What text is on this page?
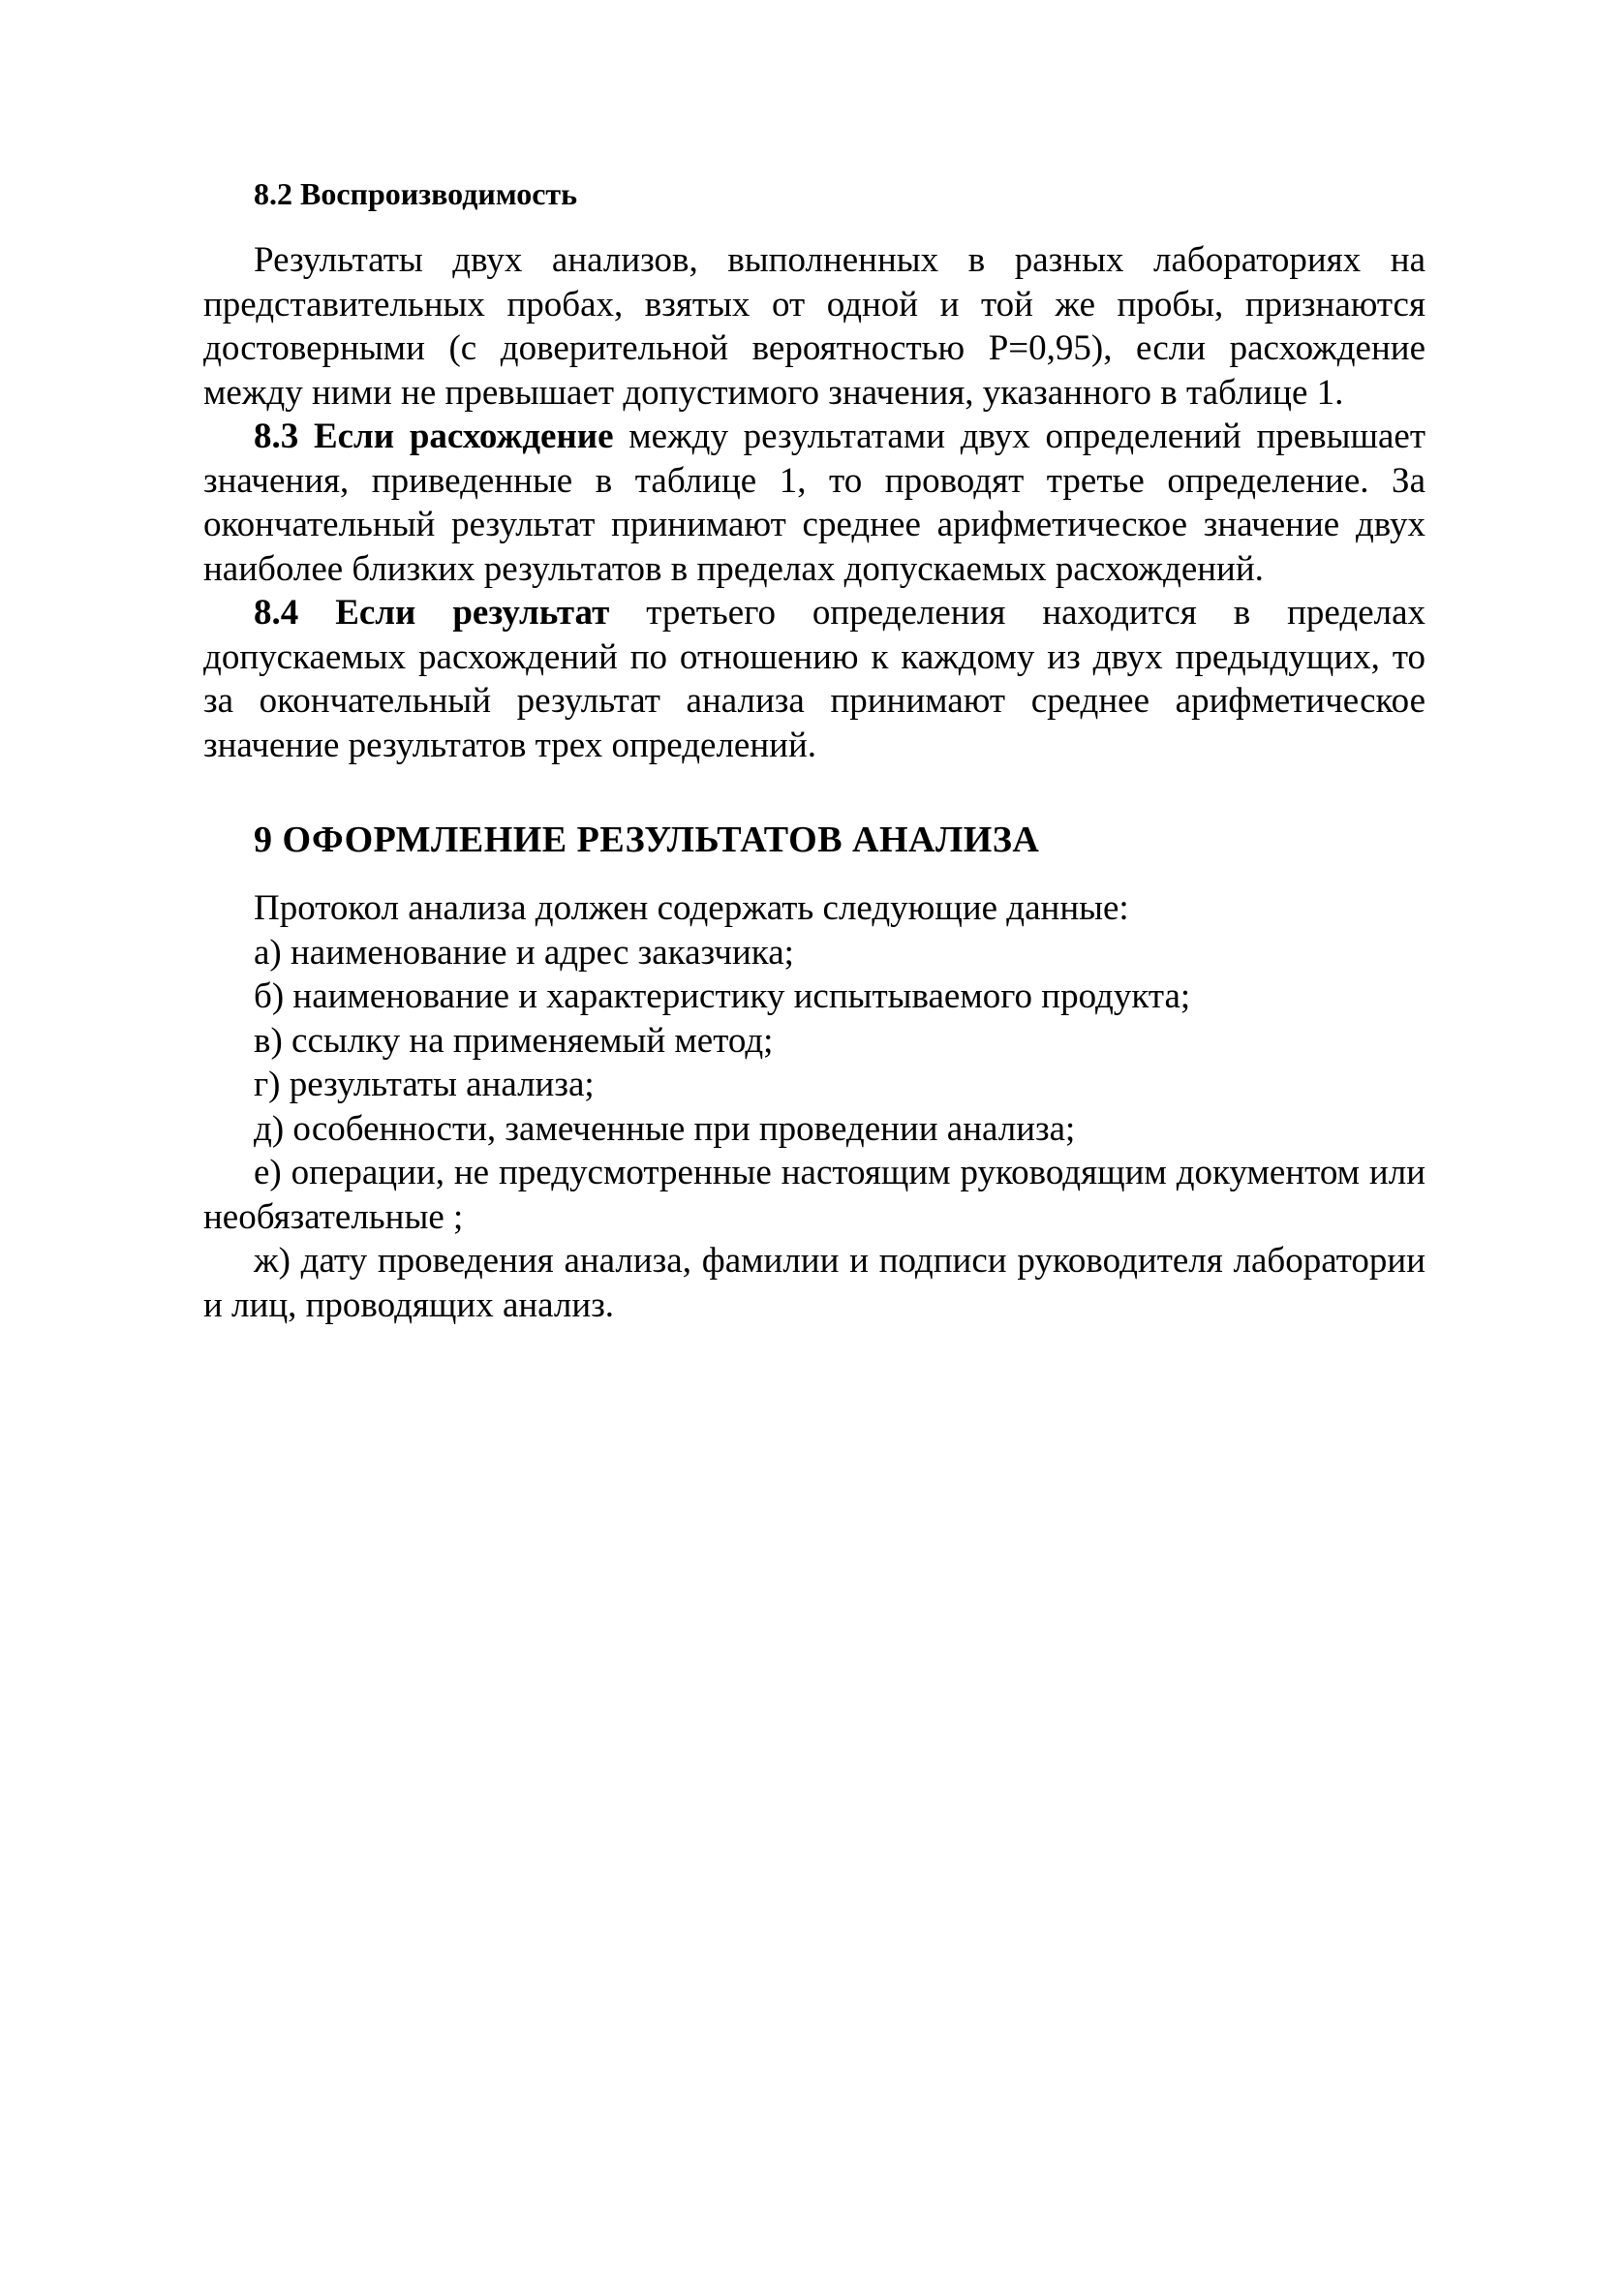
8.2 Воспроизводимость

Результаты двух анализов, выполненных в разных лабораториях на представительных пробах, взятых от одной и той же пробы, признаются достоверными (с доверительной вероятностью Р=0,95), если расхождение между ними не превышает допустимого значения, указанного в таблице 1.

8.3 Если расхождение между результатами двух определений превышает значения, приведенные в таблице 1, то проводят третье определение. За окончательный результат принимают среднее арифметическое значение двух наиболее близких результатов в пределах допускаемых расхождений.

8.4 Если результат третьего определения находится в пределах допускаемых расхождений по отношению к каждому из двух предыдущих, то за окончательный результат анализа принимают среднее арифметическое значение результатов трех определений.

9 ОФОРМЛЕНИЕ РЕЗУЛЬТАТОВ АНАЛИЗА

Протокол анализа должен содержать следующие данные:

а) наименование и адрес заказчика;

б) наименование и характеристику испытываемого продукта;

в) ссылку на применяемый метод;

г) результаты анализа;

д) особенности, замеченные при проведении анализа;

е) операции, не предусмотренные настоящим руководящим документом или необязательные ;

ж) дату проведения анализа, фамилии и подписи руководителя лаборатории и лиц, проводящих анализ.
